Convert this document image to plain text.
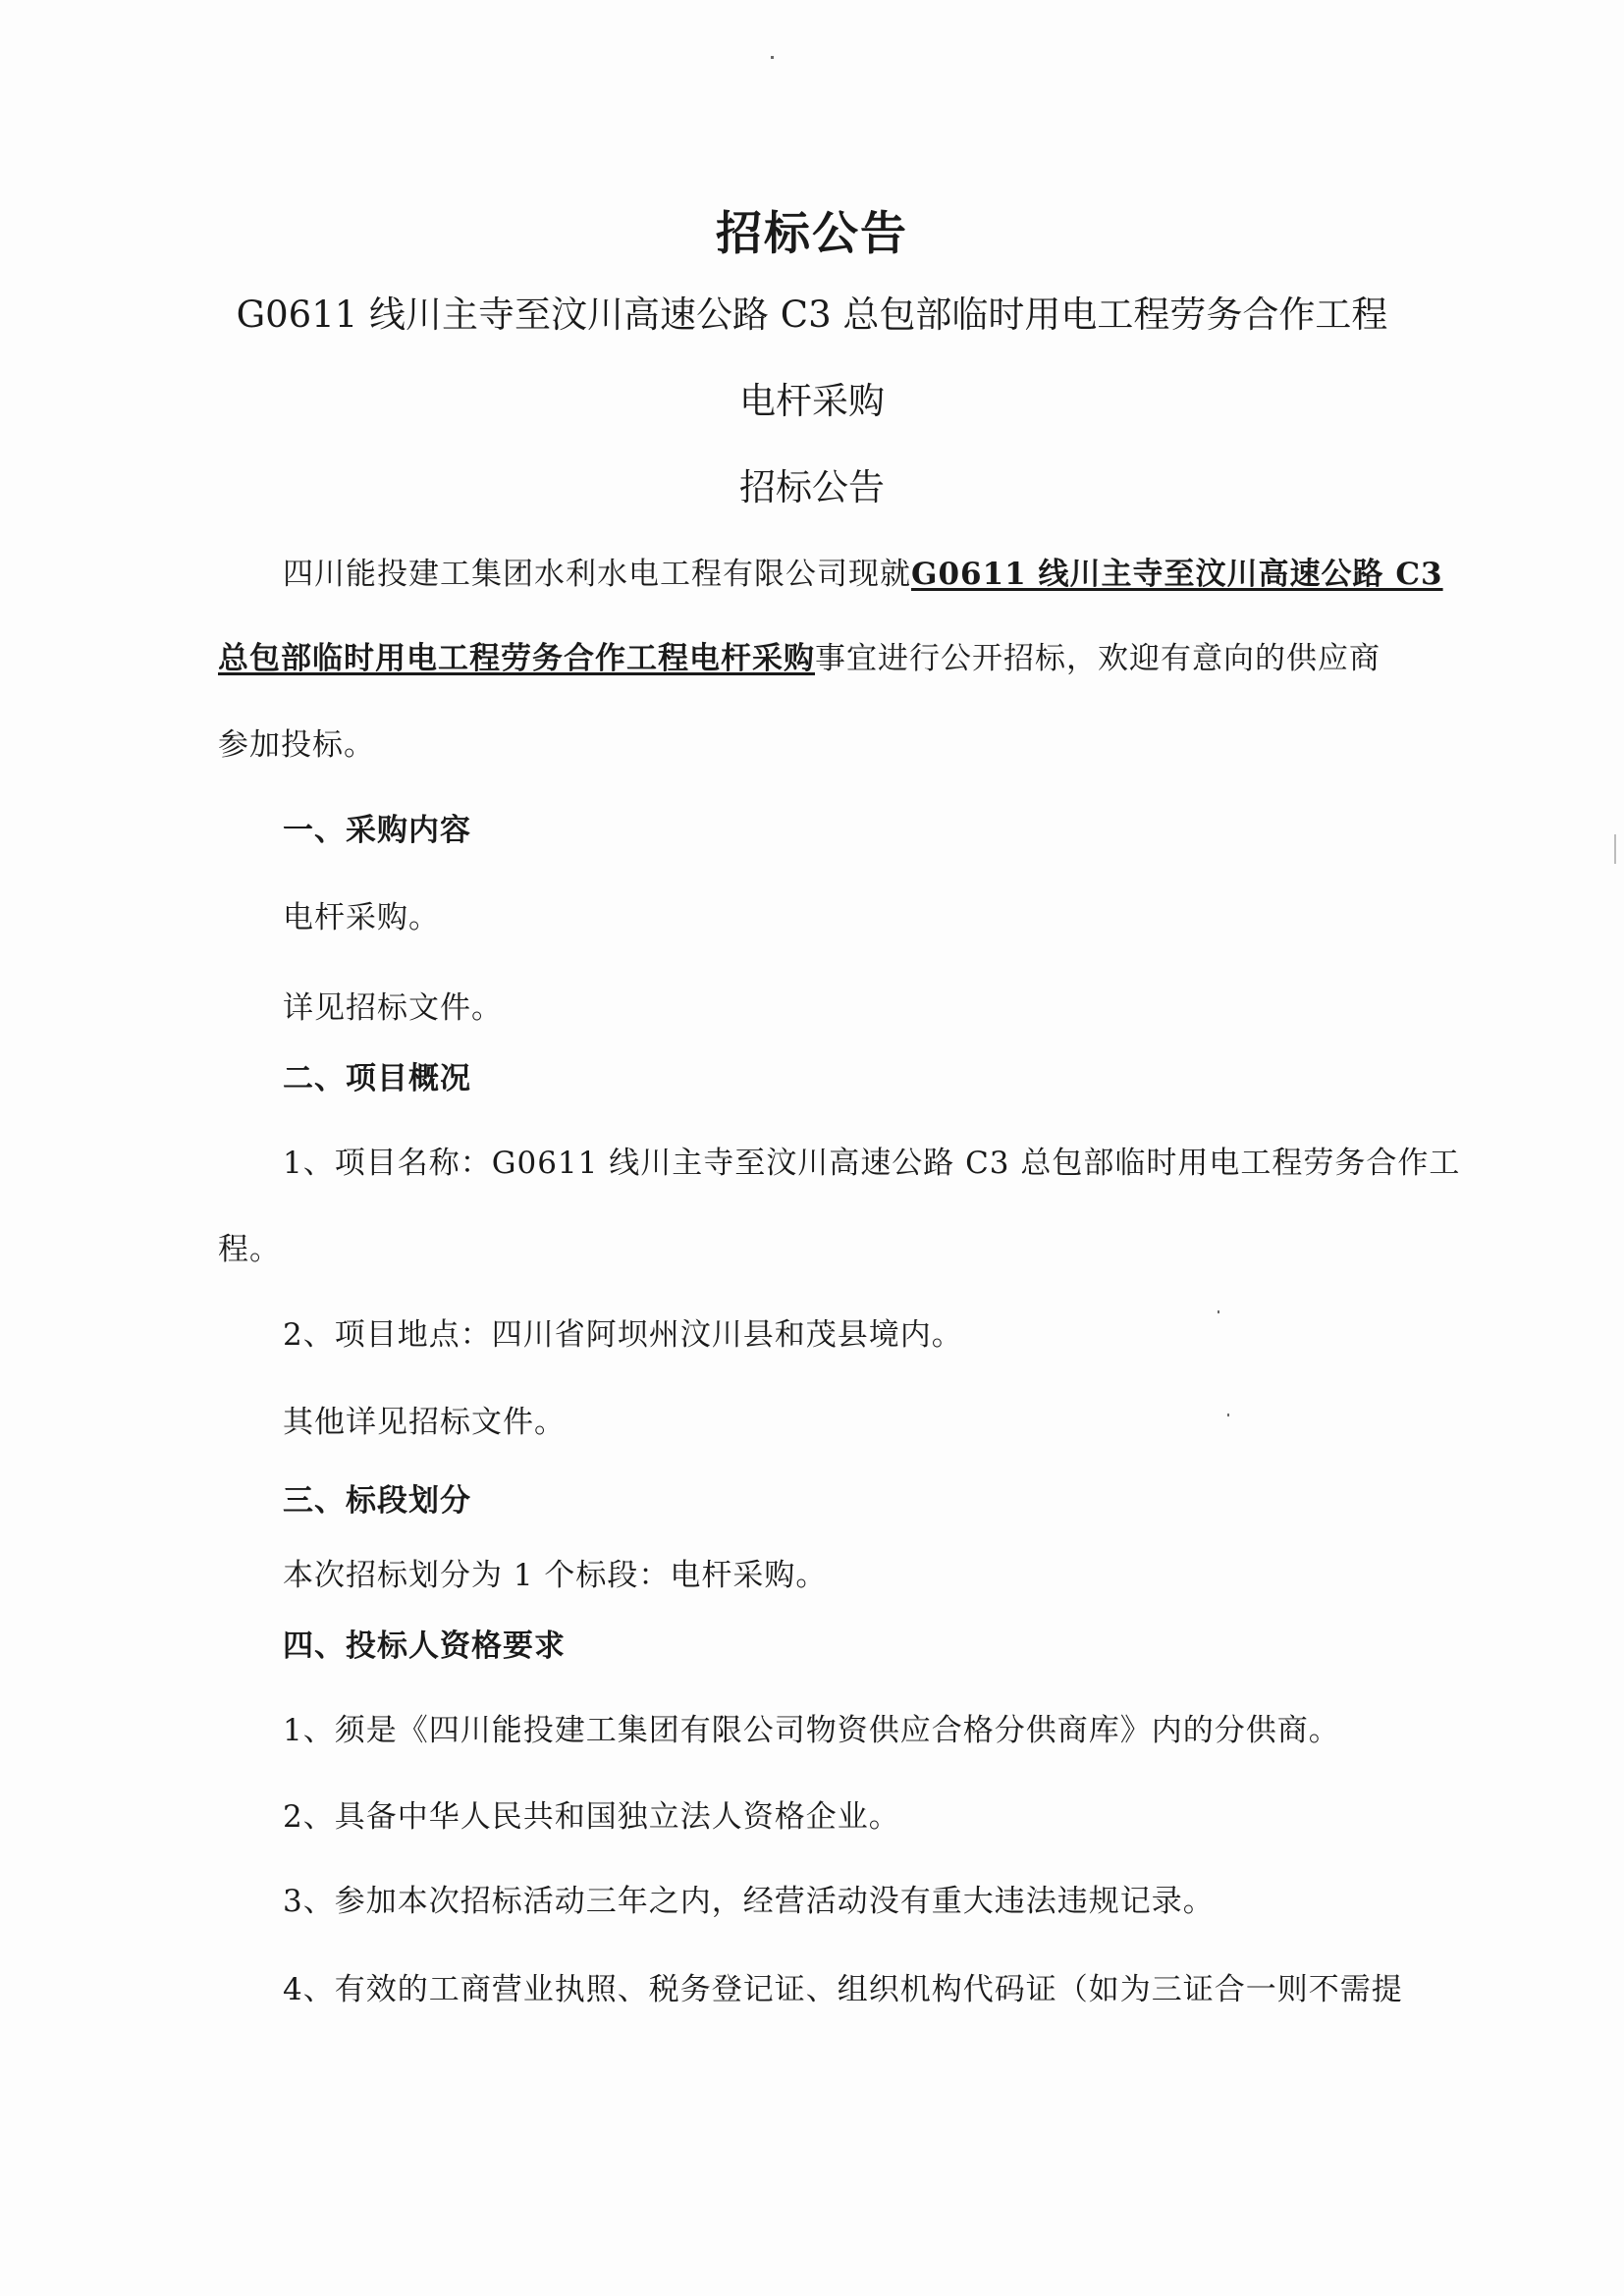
招标公告

G0611 线川主寺至汶川高速公路 C3 总包部临时用电工程劳务合作工程

电杆采购

招标公告

四川能投建工集团水利水电工程有限公司现就G0611 线川主寺至汶川高速公路 C3

总包部临时用电工程劳务合作工程电杆采购事宜进行公开招标，欢迎有意向的供应商

参加投标。

一、采购内容

电杆采购。

详见招标文件。

二、项目概况

1、项目名称：G0611 线川主寺至汶川高速公路 C3 总包部临时用电工程劳务合作工

程。

2、项目地点：四川省阿坝州汶川县和茂县境内。

其他详见招标文件。

三、标段划分

本次招标划分为 1 个标段：电杆采购。

四、投标人资格要求

1、须是《四川能投建工集团有限公司物资供应合格分供商库》内的分供商。

2、具备中华人民共和国独立法人资格企业。

3、参加本次招标活动三年之内，经营活动没有重大违法违规记录。

4、有效的工商营业执照、税务登记证、组织机构代码证（如为三证合一则不需提
